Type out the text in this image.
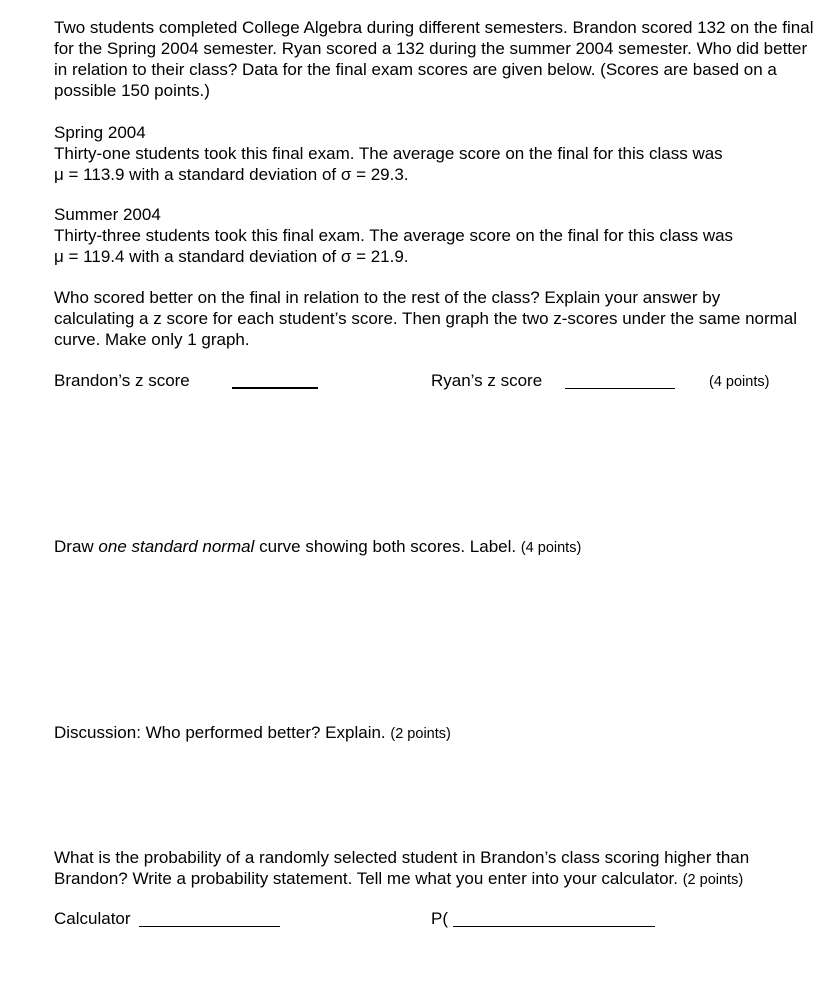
Two students completed College Algebra during different semesters. Brandon scored 132 on the final for the Spring 2004 semester. Ryan scored a 132 during the summer 2004 semester. Who did better in relation to their class? Data for the final exam scores are given below. (Scores are based on a possible 150 points.)

Spring 2004
Thirty-one students took this final exam. The average score on the final for this class was
μ = 113.9 with a standard deviation of σ = 29.3.
Summer 2004
Thirty-three students took this final exam. The average score on the final for this class was
μ = 119.4 with a standard deviation of σ = 21.9.

Who scored better on the final in relation to the rest of the class? Explain your answer by calculating a z score for each student’s score. Then graph the two z-scores under the same normal curve. Make only 1 graph.

Brandon’s z score	Ryan’s z score	(4 points)
Draw one standard normal curve showing both scores. Label. (4 points)
Discussion: Who performed better? Explain. (2 points)

What is the probability of a randomly selected student in Brandon’s class scoring higher than Brandon? Write a probability statement. Tell me what you enter into your calculator. (2 points)

Calculator	P(
